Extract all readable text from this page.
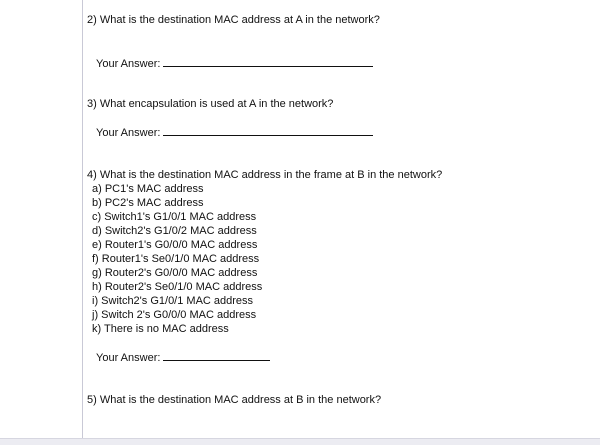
2) What is the destination MAC address at A in the network?
Your Answer:
3) What encapsulation is used at A in the network?
Your Answer:
4) What is the destination MAC address in the frame at B in the network?
a) PC1's MAC address
b) PC2's MAC address
c) Switch1's G1/0/1 MAC address
d) Switch2's G1/0/2 MAC address
e) Router1's G0/0/0 MAC address
f) Router1's Se0/1/0 MAC address
g) Router2's G0/0/0 MAC address
h) Router2's Se0/1/0 MAC address
i) Switch2's G1/0/1 MAC address
j) Switch 2's G0/0/0 MAC address
k) There is no MAC address
Your Answer:
5) What is the destination MAC address at B in the network?
